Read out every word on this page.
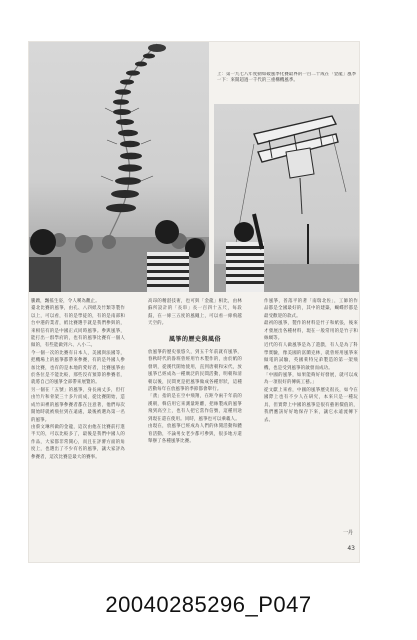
上：第一九七八年度動如破風季化賽最界的一百二十成在「金龍」風季一下：來開超過一千代的三重構機風季。

騰踴，飄搖生姿，令人嘆為觀止。

臺北比賽的風箏，由孔、八四紙及竹類等製作以上，可以看，有的是學徒的，有的是南部和台中港的業者，紙比賽選手就是我們參與的，來相信有的是中國正式同時風箏。參與風箏，能打出一群學府的，也有的風箏比賽有一個人做的，有些能做到六、八小二。

今一個一次的比賽有日本人，美國與法國等，把機場上的風箏都帶來參賽，有的是外國人參加比賽，也有的是本地的愛好者，比賽風箏由於各位是不能比較，那些沒有預算的參賽者，就將自己的風箏全部帶來展覽的。

另一個在「五號」的風箏，身長兩丈多，但打由竹片和骨架三十多片而成，從比賽開始，造成竹田裡的風箏參賽者都在注意著，他們每次開始時就被飛拉到在遠處，最後被選為第一名的風箏。

由蔡文琳所做的金龍，這次由他在比賽前打進半天的，可以比較多了，最後是我們中國人的作品，大家都非常開心，而且在評審方面的角度上，也選出了不少有名的風箏，讓大家評為參賽者，這次比賽是最大的賽事。

高昂的精湛技術，也可與「金龍」相比，由林蘇所設計的「長串」長一百四十五尺，每段鼓，在一條三五度的風繩上，可以看一條飛越天空的。

風箏的歷史與風俗

放風箏的歷史很悠久，到五千年前就有風箏，春秋時代的魯班曾經用竹木製作的，由於紙的發明，從漢代開始使用，直到唐朝和宋代，放風箏已經成為一種廣泛的民間活動，明朝和清朝以後，民間更是把風箏做成各種形狀，這種活動每年在放風箏的季節都會舉行。

「鳶」指的是在空中飛翔，在距今兩千年前的漢朝，韓信用它來測量距離，把絲製成的風箏飛到高空上，也有人把它當作信號，這種用途到現在還在使用。同時，風箏也可以乘載人。

由現在，放風箏已經成為人們的休閒活動和體育活動，不論男女老少都可參與，很多地方還舉辦了各種風箏比賽。

作風箏，普落平的著「南瑞北佐」，工師的作品都是全國最好的，其中的建築，蝴蝶形都是最受歡迎的款式。

最初的風箏，製作的材料是竹子和紙張，後來才發展出各種材料，現在一般常用的是竹子和絲綢等。

近代的有人做風箏是為了遊戲，有人是為了科學實驗，像美國的富蘭克林，就曾經用風箏來做電的試驗，英國萊特兄弟製造的第一架飛機，也是受到風箏的啟發而成功。

「中國的風箏，如果能夠好好發展，就可以成為一項很好的傳統工藝。」

從文獻上來看，中國的風箏歷史很長，如今在國際上也有不少人在研究，本來只是一種玩具，但實際上中國的風箏是很有藝術價值的，我們應該好好地保存下來，讓它永遠流傳下去。

一丹
43
20040285296_P047
